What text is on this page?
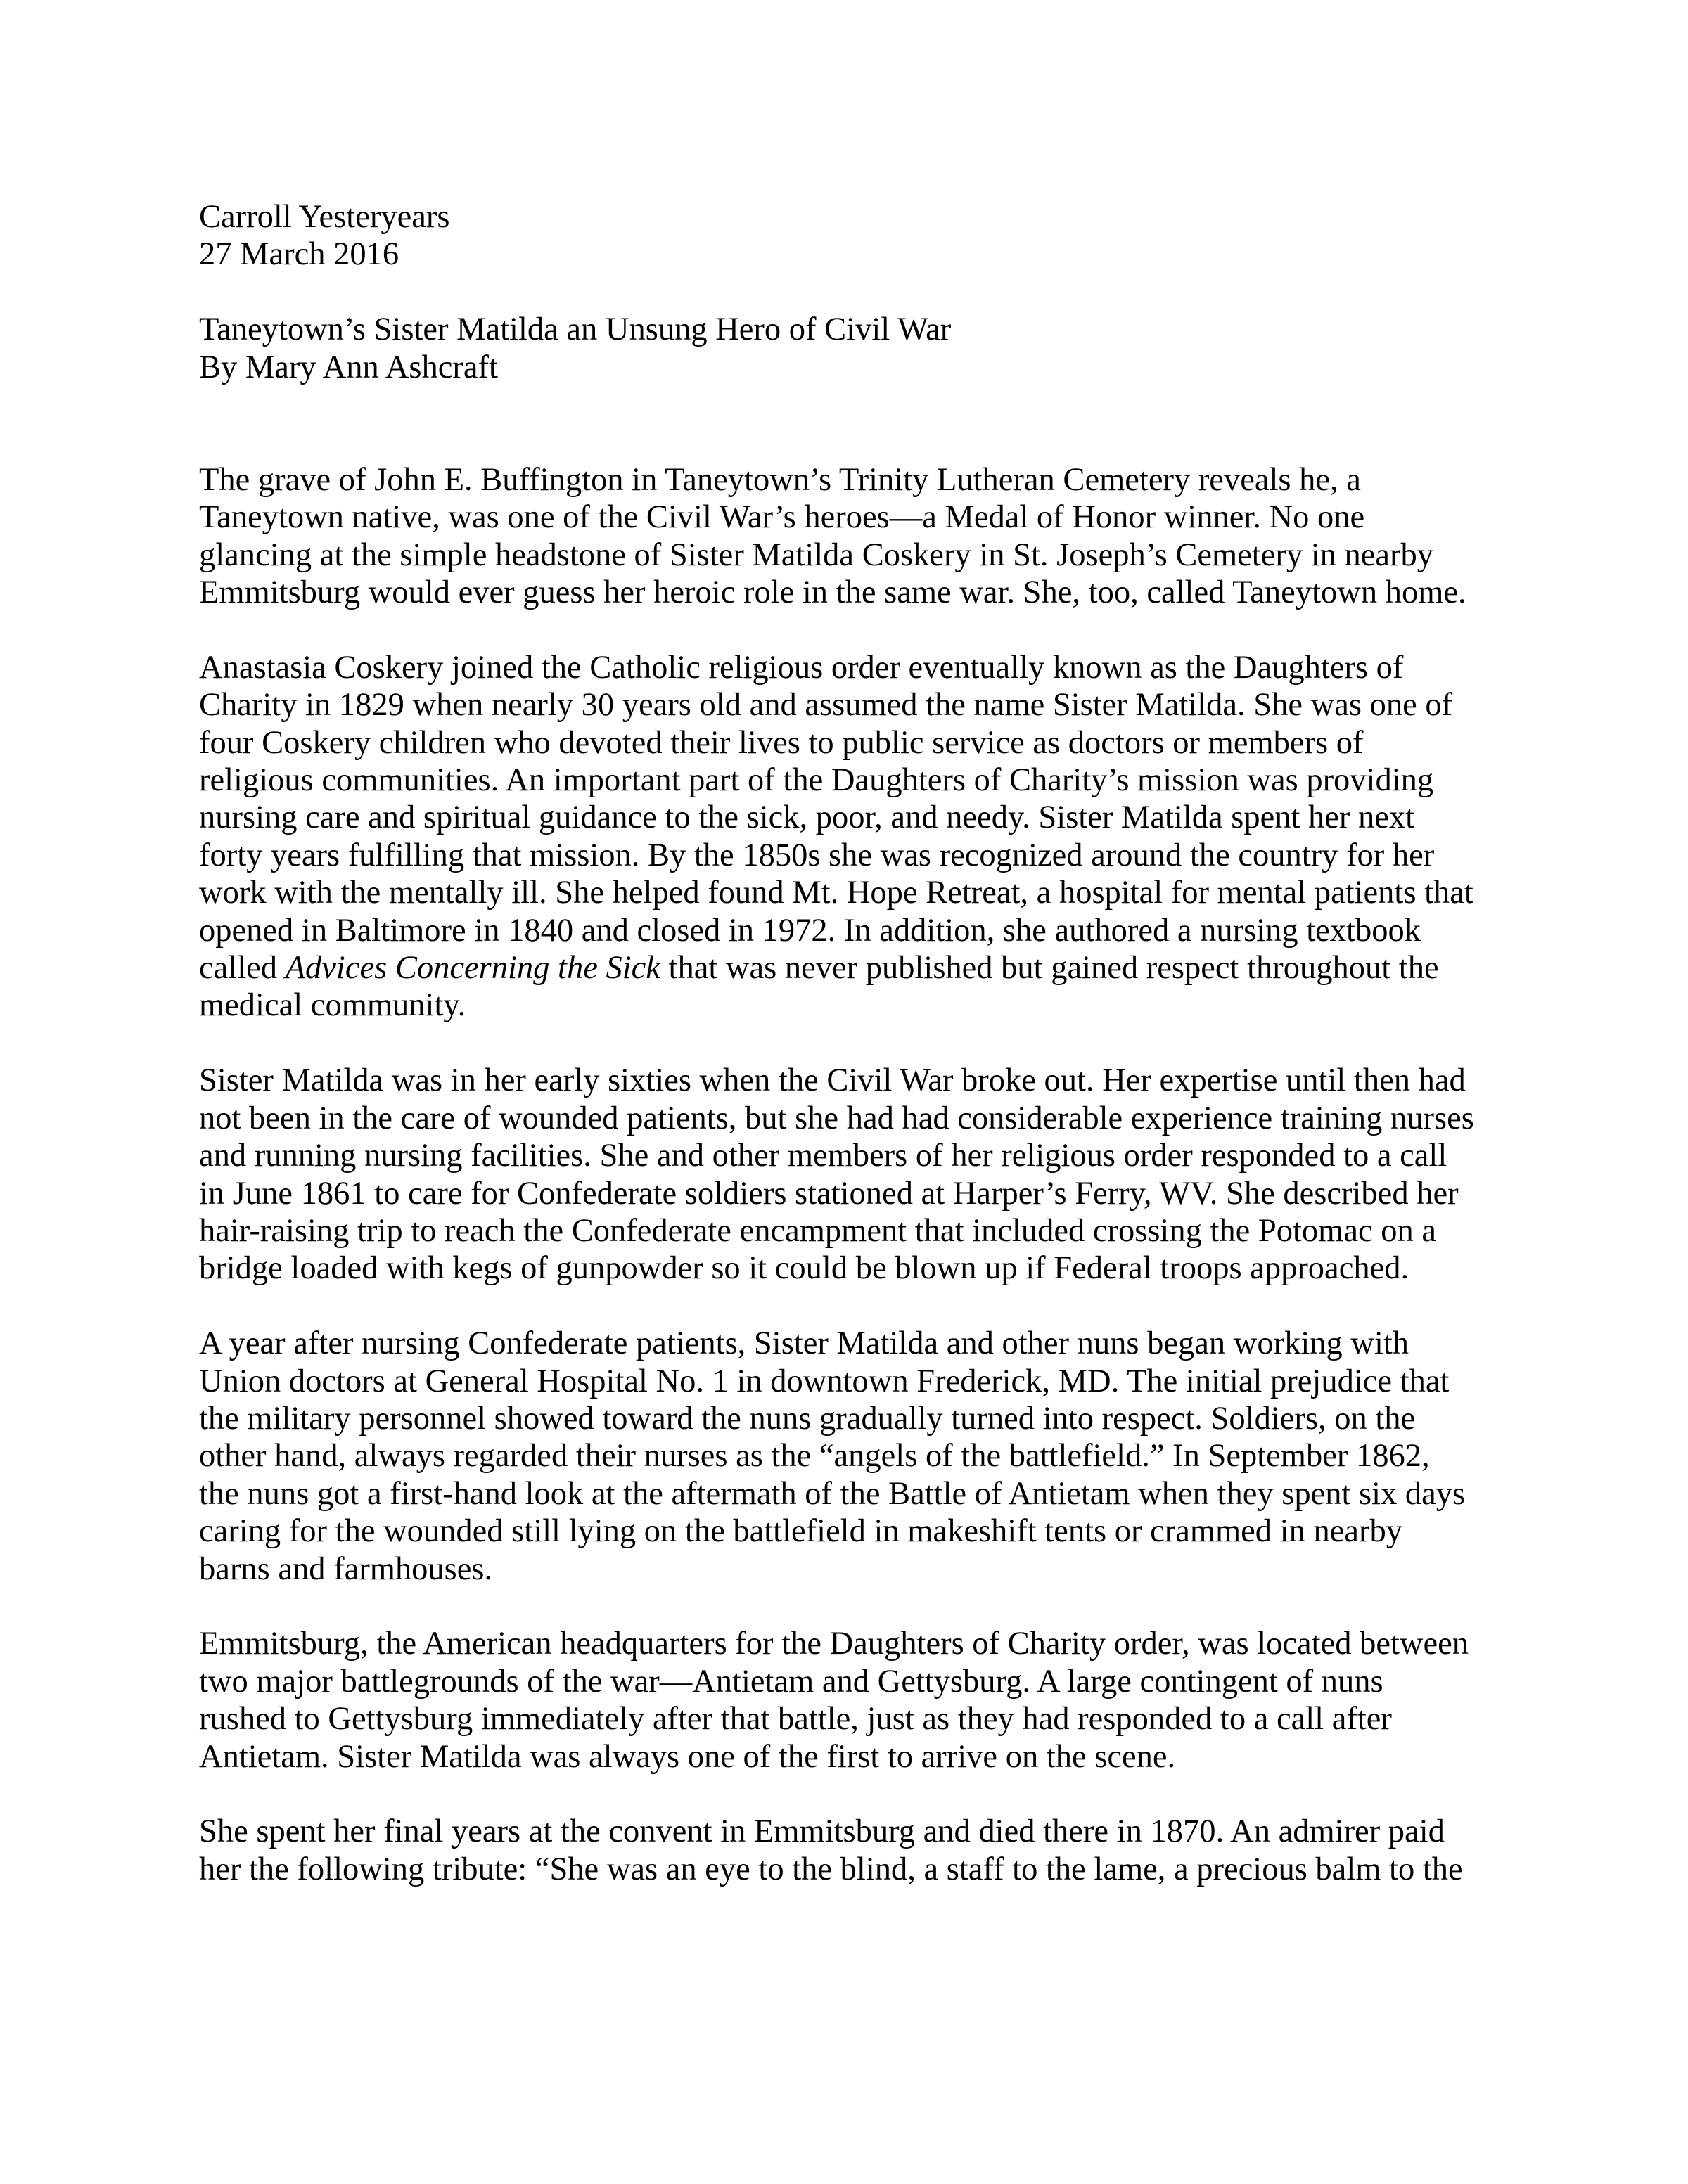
Carroll Yesteryears
27 March 2016
Taneytown’s Sister Matilda an Unsung Hero of Civil War
By Mary Ann Ashcraft

The grave of John E. Buffington in Taneytown’s Trinity Lutheran Cemetery reveals he, a
Taneytown native, was one of the Civil War’s heroes—a Medal of Honor winner. No one
glancing at the simple headstone of Sister Matilda Coskery in St. Joseph’s Cemetery in nearby
Emmitsburg would ever guess her heroic role in the same war. She, too, called Taneytown home.

Anastasia Coskery joined the Catholic religious order eventually known as the Daughters of
Charity in 1829 when nearly 30 years old and assumed the name Sister Matilda. She was one of
four Coskery children who devoted their lives to public service as doctors or members of
religious communities. An important part of the Daughters of Charity’s mission was providing
nursing care and spiritual guidance to the sick, poor, and needy. Sister Matilda spent her next
forty years fulfilling that mission. By the 1850s she was recognized around the country for her
work with the mentally ill. She helped found Mt. Hope Retreat, a hospital for mental patients that
opened in Baltimore in 1840 and closed in 1972. In addition, she authored a nursing textbook
called Advices Concerning the Sick that was never published but gained respect throughout the
medical community.

Sister Matilda was in her early sixties when the Civil War broke out. Her expertise until then had
not been in the care of wounded patients, but she had had considerable experience training nurses
and running nursing facilities. She and other members of her religious order responded to a call
in June 1861 to care for Confederate soldiers stationed at Harper’s Ferry, WV. She described her
hair-raising trip to reach the Confederate encampment that included crossing the Potomac on a
bridge loaded with kegs of gunpowder so it could be blown up if Federal troops approached.

A year after nursing Confederate patients, Sister Matilda and other nuns began working with
Union doctors at General Hospital No. 1 in downtown Frederick, MD. The initial prejudice that
the military personnel showed toward the nuns gradually turned into respect. Soldiers, on the
other hand, always regarded their nurses as the “angels of the battlefield.” In September 1862,
the nuns got a first-hand look at the aftermath of the Battle of Antietam when they spent six days
caring for the wounded still lying on the battlefield in makeshift tents or crammed in nearby
barns and farmhouses.

Emmitsburg, the American headquarters for the Daughters of Charity order, was located between
two major battlegrounds of the war—Antietam and Gettysburg. A large contingent of nuns
rushed to Gettysburg immediately after that battle, just as they had responded to a call after
Antietam. Sister Matilda was always one of the first to arrive on the scene.

She spent her final years at the convent in Emmitsburg and died there in 1870. An admirer paid
her the following tribute: “She was an eye to the blind, a staff to the lame, a precious balm to the
